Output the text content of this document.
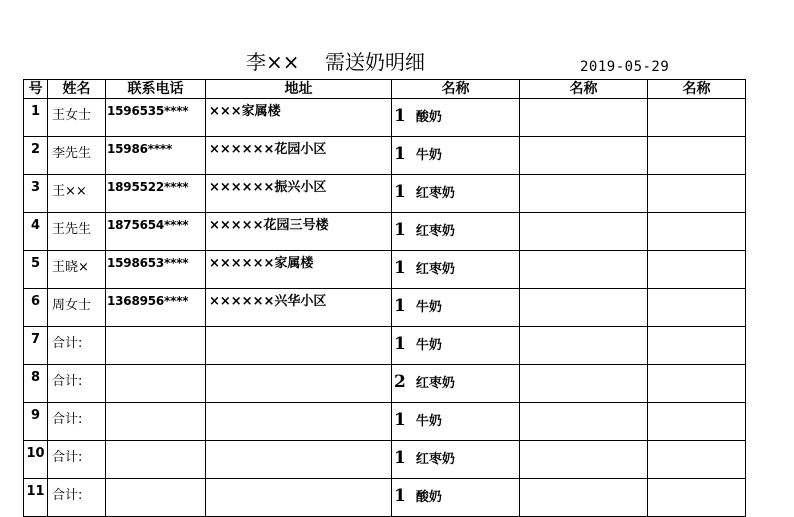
李××    需送奶明细	2019-05-29
号	姓名	联系电话	地址	名称	名称	名称
1	王女士	1596535****	×××家属楼	1 酸奶		
2	李先生	15986****	××××××花园小区	1 牛奶		
3	王××	1895522****	××××××振兴小区	1 红枣奶		
4	王先生	1875654****	×××××花园三号楼	1 红枣奶		
5	王晓×	1598653****	××××××家属楼	1 红枣奶		
6	周女士	1368956****	××××××兴华小区	1 牛奶		
7	合计:			1 牛奶		
8	合计:			2 红枣奶		
9	合计:			1 牛奶		
10	合计:			1 红枣奶		
11	合计:			1 酸奶		
